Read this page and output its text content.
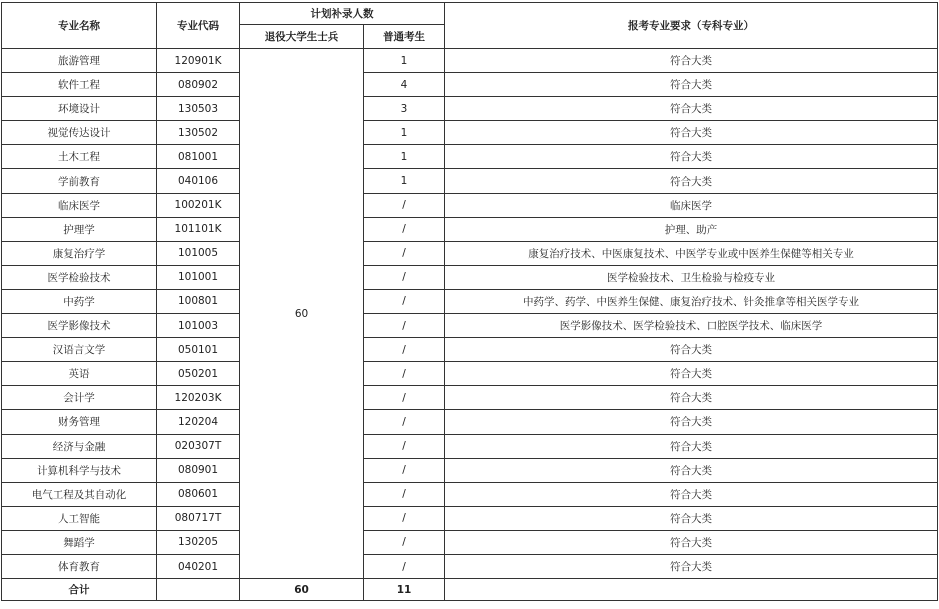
专业名称	专业代码	计划补录人数		报考专业要求（专科专业）
		退役大学生士兵	普通考生	
旅游管理	120901K	60	1	符合大类
软件工程	080902		4	符合大类
环境设计	130503		3	符合大类
视觉传达设计	130502		1	符合大类
土木工程	081001		1	符合大类
学前教育	040106		1	符合大类
临床医学	100201K		/	临床医学
护理学	101101K		/	护理、助产
康复治疗学	101005		/	康复治疗技术、中医康复技术、中医学专业或中医养生保健等相关专业
医学检验技术	101001		/	医学检验技术、卫生检验与检疫专业
中药学	100801		/	中药学、药学、中医养生保健、康复治疗技术、针灸推拿等相关医学专业
医学影像技术	101003		/	医学影像技术、医学检验技术、口腔医学技术、临床医学
汉语言文学	050101		/	符合大类
英语	050201		/	符合大类
会计学	120203K		/	符合大类
财务管理	120204		/	符合大类
经济与金融	020307T		/	符合大类
计算机科学与技术	080901		/	符合大类
电气工程及其自动化	080601		/	符合大类
人工智能	080717T		/	符合大类
舞蹈学	130205		/	符合大类
体育教育	040201		/	符合大类
合计		60	11	
